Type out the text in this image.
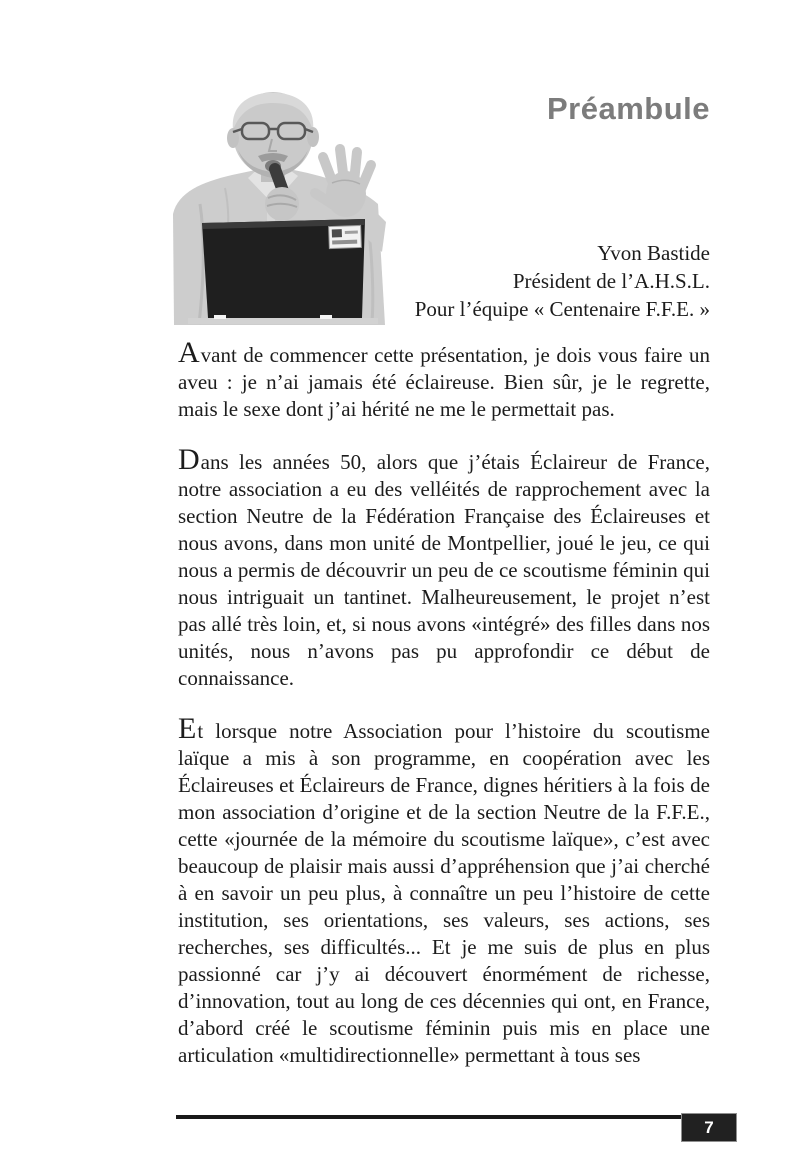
Préambule
Yvon Bastide
Président de l’A.H.S.L.
Pour l’équipe « Centenaire F.F.E. »

Avant de commencer cette présentation, je dois vous faire un aveu : je n’ai jamais été éclaireuse. Bien sûr, je le regrette, mais le sexe dont j’ai hérité ne me le permettait pas.

Dans les années 50, alors que j’étais Éclaireur de France, notre association a eu des velléités de rapprochement avec la section Neutre de la Fédération Française des Éclaireuses et nous avons, dans mon unité de Montpellier, joué le jeu, ce qui nous a permis de découvrir un peu de ce scoutisme féminin qui nous intriguait un tantinet. Malheureusement, le projet n’est pas allé très loin, et, si nous avons «intégré» des filles dans nos unités, nous n’avons pas pu approfondir ce début de connaissance.

Et lorsque notre Association pour l’histoire du scoutisme laïque a mis à son programme, en coopération avec les Éclaireuses et Éclaireurs de France, dignes héritiers à la fois de mon association d’origine et de la section Neutre de la F.F.E., cette «journée de la mémoire du scoutisme laïque», c’est avec beaucoup de plaisir mais aussi d’appréhension que j’ai cherché à en savoir un peu plus, à connaître un peu l’histoire de cette institution, ses orientations, ses valeurs, ses actions, ses recherches, ses difficultés... Et je me suis de plus en plus passionné car j’y ai découvert énormément de richesse, d’innovation, tout au long de ces décennies qui ont, en France, d’abord créé le scoutisme féminin puis mis en place une articulation «multidirectionnelle» permettant à tous ses

7
